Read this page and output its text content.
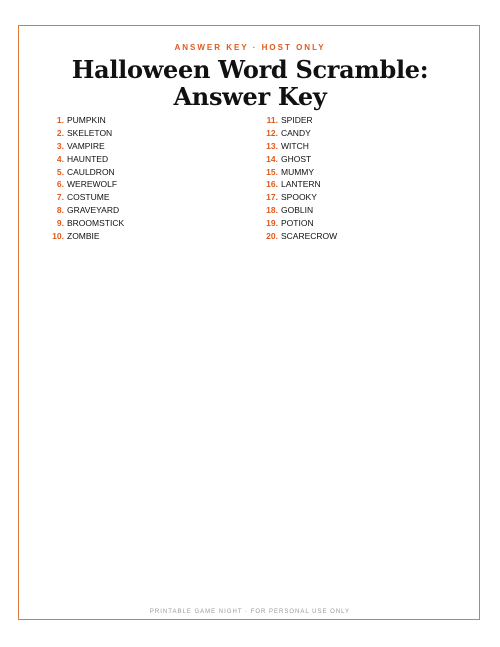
ANSWER KEY · HOST ONLY
Halloween Word Scramble:
Answer Key
1. PUMPKIN
2. SKELETON
3. VAMPIRE
4. HAUNTED
5. CAULDRON
6. WEREWOLF
7. COSTUME
8. GRAVEYARD
9. BROOMSTICK
10. ZOMBIE
11. SPIDER
12. CANDY
13. WITCH
14. GHOST
15. MUMMY
16. LANTERN
17. SPOOKY
18. GOBLIN
19. POTION
20. SCARECROW
PRINTABLE GAME NIGHT · FOR PERSONAL USE ONLY
